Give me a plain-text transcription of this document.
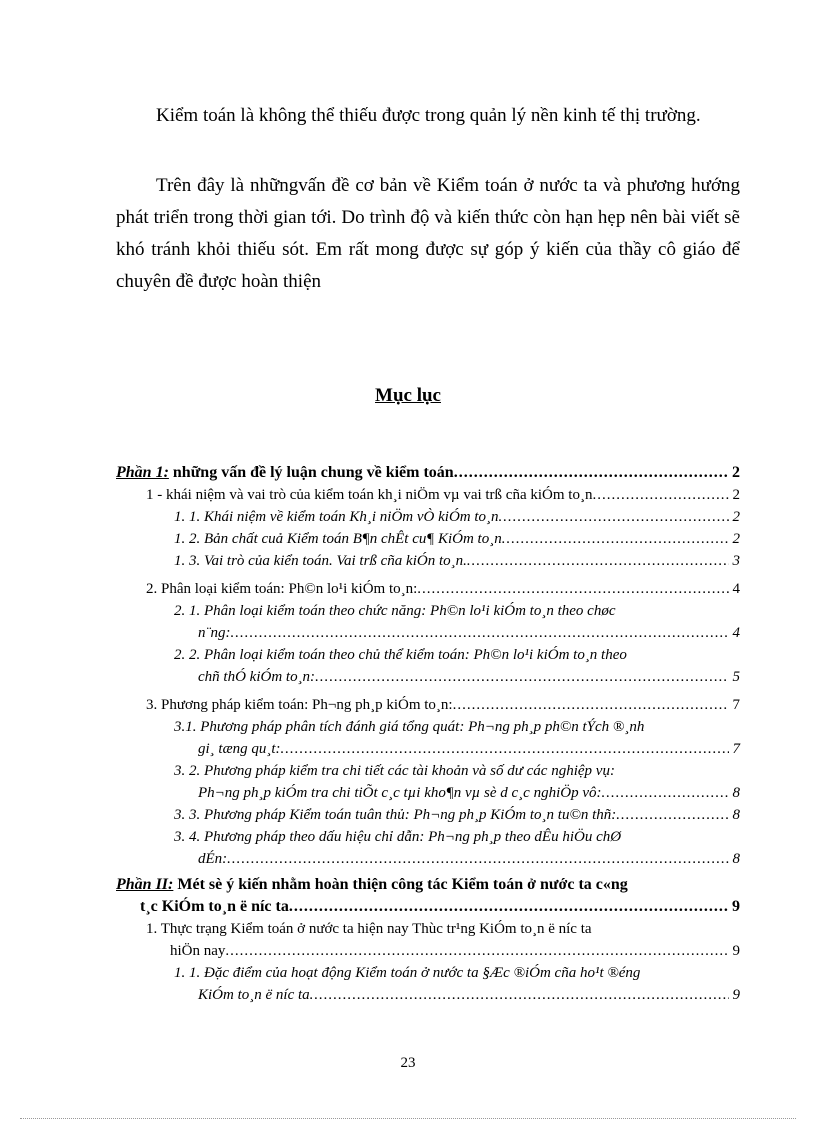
Kiểm toán là không thể thiếu được trong quản lý nền kinh tế thị trường.

Trên đây là nhữngvấn đề cơ bản về Kiểm toán ở nước ta và phương hướng phát triển trong thời gian tới. Do trình độ và kiến thức còn hạn hẹp nên bài viết sẽ khó tránh khỏi thiếu sót. Em rất mong được sự góp ý kiến của thầy cô giáo để chuyên đề được hoàn thiện

Mục lục
Phần 1: những vấn đề lý luận chung về kiểm toán .....	2
1 - khái niệm và vai trò của kiểm toán kh¸i niÖm vµ vai trß cña kiÓm to¸n .....	2
1. 1. Khái niệm về kiểm toán Kh¸i niÖm vÒ kiÓm to¸n .....	2
1. 2. Bản chất cuả Kiểm toán B¶n chÊt cu¶ KiÓm to¸n .....	2
1. 3. Vai trò của kiển toán. Vai trß cña kiÓn to¸n. .....	3
2. Phân loại kiểm toán: Ph©n lo¹i kiÓm to¸n: .....	4
2. 1. Phân loại kiểm toán theo chức năng: Ph©n lo¹i kiÓm to¸n theo chøc
n¨ng: .....	4
2. 2. Phân loại kiểm toán theo chủ thể kiểm toán: Ph©n lo¹i kiÓm to¸n theo
chñ thÓ kiÓm to¸n: .....	5
3. Phương pháp kiểm toán: Ph¬ng ph¸p kiÓm to¸n: .....	7
3.1. Phương pháp phân tích đánh giá tổng quát: Ph¬ng ph¸p ph©n tÝch ®¸nh
gi¸ tæng qu¸t: .....	7
3. 2. Phương pháp kiểm tra chi tiết các tài khoản và số dư các nghiệp vụ:
Ph¬ng ph¸p kiÓm tra chi tiÕt c¸c tµi kho¶n vµ sè d c¸c nghiÖp vô: .....	8
3. 3. Phương pháp Kiểm toán tuân thủ: Ph¬ng ph¸p KiÓm to¸n tu©n thñ: .....	8
3. 4. Phương pháp theo dấu hiệu chỉ dẫn: Ph¬ng ph¸p theo dÊu hiÖu chØ
dÉn: .....	8
Phần II: Mét sè ý kiến nhằm hoàn thiện công tác Kiểm toán ở nước ta c«ng
t¸c KiÓm to¸n ë níc ta .....	9
1. Thực trạng Kiểm toán ở nước ta hiện nay Thùc tr¹ng KiÓm to¸n ë níc ta
hiÖn nay .....	9
1. 1. Đặc điểm của hoạt động Kiểm toán ở nước ta §Æc ®iÓm cña ho¹t ®éng
KiÓm to¸n ë níc ta .....	9
23
